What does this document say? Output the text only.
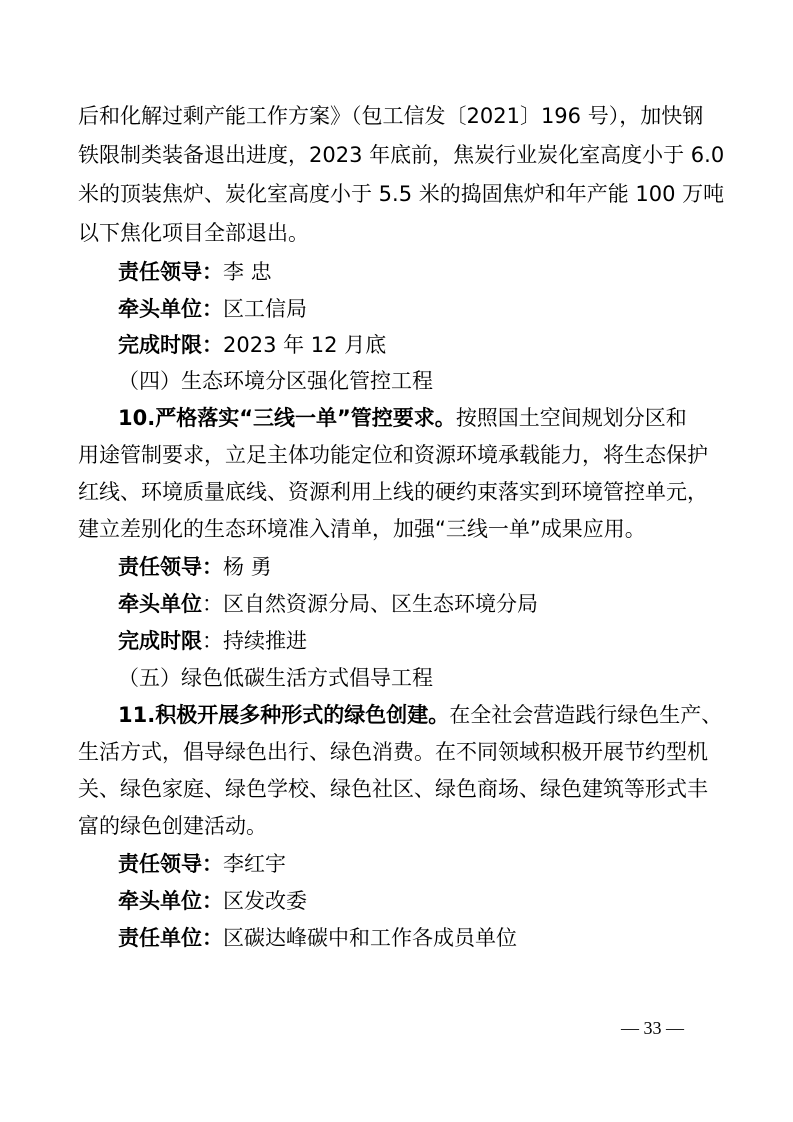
后和化解过剩产能工作方案》（包工信发〔2021〕196 号），加快钢
铁限制类装备退出进度，2023 年底前，焦炭行业炭化室高度小于 6.0
米的顶装焦炉、炭化室高度小于 5.5 米的捣固焦炉和年产能 100 万吨
以下焦化项目全部退出。
责任领导：李 忠
牵头单位：区工信局
完成时限：2023 年 12 月底
（四）生态环境分区强化管控工程
10.严格落实“三线一单”管控要求。按照国土空间规划分区和
用途管制要求，立足主体功能定位和资源环境承载能力，将生态保护
红线、环境质量底线、资源利用上线的硬约束落实到环境管控单元，
建立差别化的生态环境准入清单，加强“三线一单”成果应用。
责任领导：杨 勇
牵头单位：区自然资源分局、区生态环境分局
完成时限：持续推进
（五）绿色低碳生活方式倡导工程
11.积极开展多种形式的绿色创建。在全社会营造践行绿色生产、
生活方式，倡导绿色出行、绿色消费。在不同领域积极开展节约型机
关、绿色家庭、绿色学校、绿色社区、绿色商场、绿色建筑等形式丰
富的绿色创建活动。
责任领导：李红宇
牵头单位：区发改委
责任单位：区碳达峰碳中和工作各成员单位
— 33 —
